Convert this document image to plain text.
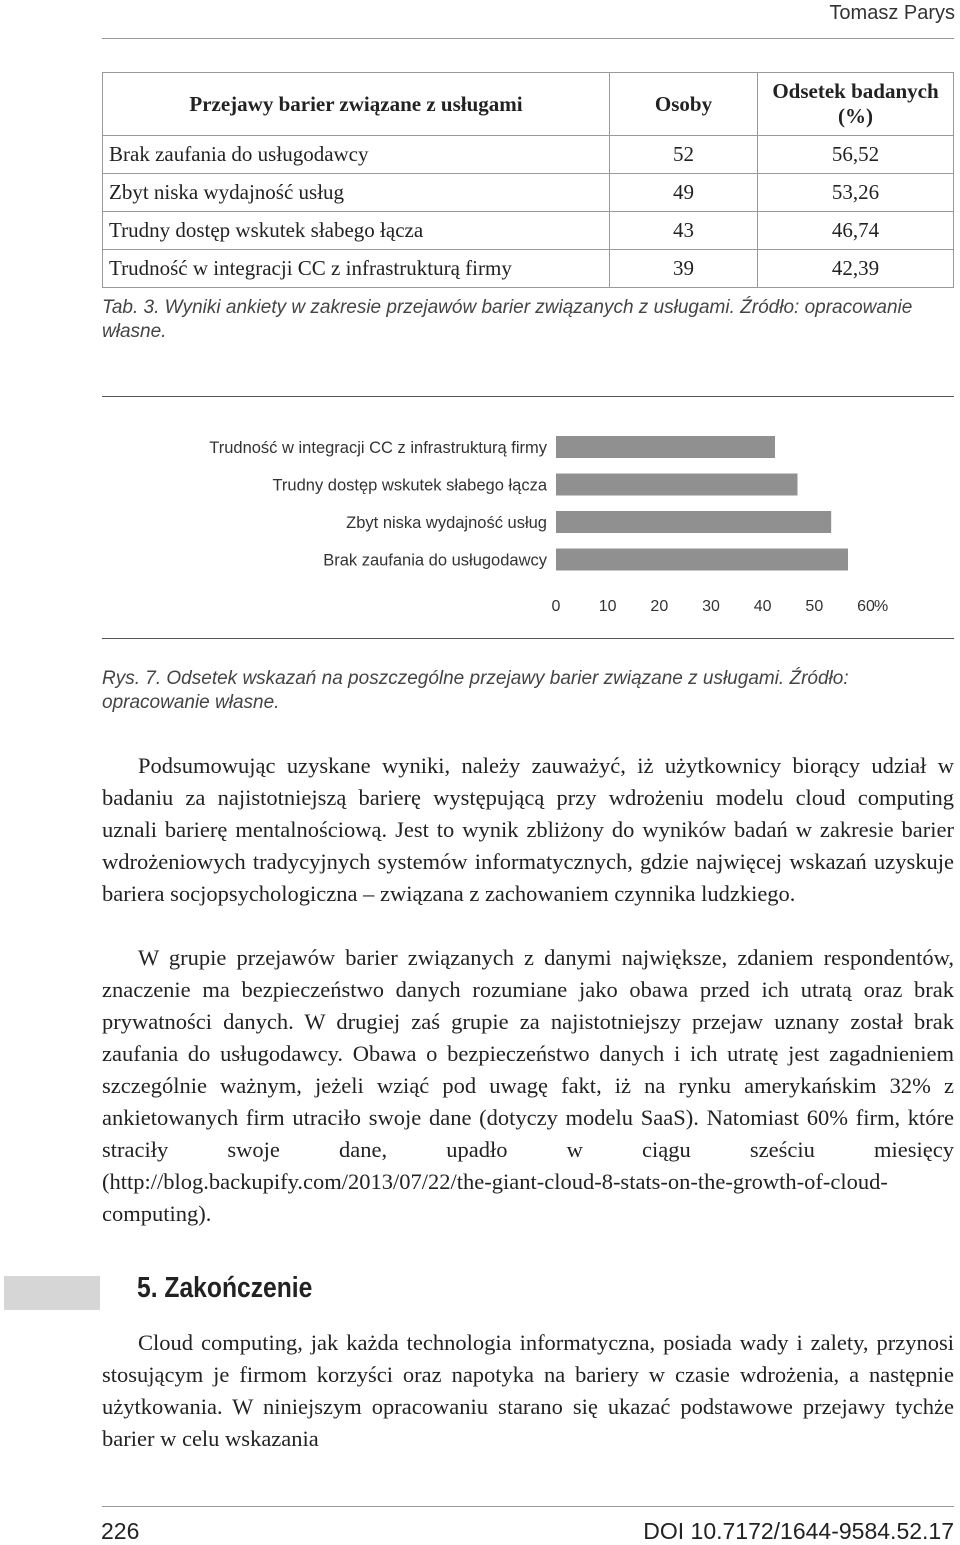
Tomasz Parys
Przejawy barier związane z usługami	Osoby	Odsetek badanych (%)
Brak zaufania do usługodawcy	52	56,52
Zbyt niska wydajność usług	49	53,26
Trudny dostęp wskutek słabego łącza	43	46,74
Trudność w integracji CC z infrastrukturą firmy	39	42,39
Tab. 3. Wyniki ankiety w zakresie przejawów barier związanych z usługami. Źródło: opracowanie własne.
Trudność w integracji CC z infrastrukturą firmy
Trudny dostęp wskutek słabego łącza
Zbyt niska wydajność usług
Brak zaufania do usługodawcy
0 10 20 30 40 50 60 %
Rys. 7. Odsetek wskazań na poszczególne przejawy barier związane z usługami. Źródło: opracowanie własne.

Podsumowując uzyskane wyniki, należy zauważyć, iż użytkownicy biorący udział w badaniu za najistotniejszą barierę występującą przy wdrożeniu modelu cloud computing uznali barierę mentalnościową. Jest to wynik zbliżony do wyników badań w zakresie barier wdrożeniowych tradycyjnych systemów informatycznych, gdzie najwięcej wskazań uzyskuje bariera socjopsychologiczna – związana z zachowaniem czynnika ludzkiego.

W grupie przejawów barier związanych z danymi największe, zdaniem respondentów, znaczenie ma bezpieczeństwo danych rozumiane jako obawa przed ich utratą oraz brak prywatności danych. W drugiej zaś grupie za najistotniejszy przejaw uznany został brak zaufania do usługodawcy. Obawa o bezpieczeństwo danych i ich utratę jest zagadnieniem szczególnie ważnym, jeżeli wziąć pod uwagę fakt, iż na rynku amerykańskim 32% z ankietowanych firm utraciło swoje dane (dotyczy modelu SaaS). Natomiast 60% firm, które straciły swoje dane, upadło w ciągu sześciu miesięcy (http://blog.backupify.com/2013/07/22/the-giant-cloud-8-stats-on-the-growth-of-cloud-computing).

5. Zakończenie

Cloud computing, jak każda technologia informatyczna, posiada wady i zalety, przynosi stosującym je firmom korzyści oraz napotyka na bariery w czasie wdrożenia, a następnie użytkowania. W niniejszym opracowaniu starano się ukazać podstawowe przejawy tychże barier w celu wskazania

226	DOI 10.7172/1644-9584.52.17
